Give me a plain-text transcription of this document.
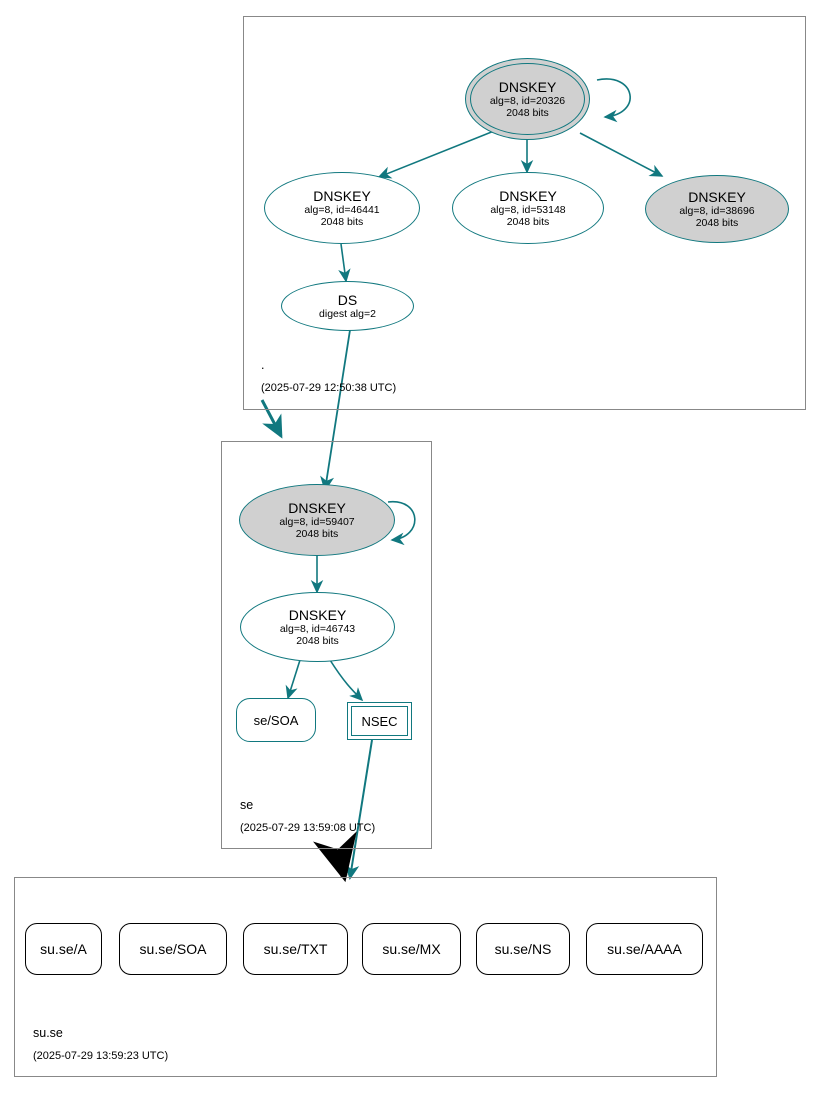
.
(2025-07-29 12:50:38 UTC)
DNSKEY
alg=8, id=20326
2048 bits
DNSKEY
alg=8, id=46441
2048 bits
DNSKEY
alg=8, id=53148
2048 bits
DNSKEY
alg=8, id=38696
2048 bits
DS
digest alg=2
se
(2025-07-29 13:59:08 UTC)
DNSKEY
alg=8, id=59407
2048 bits
DNSKEY
alg=8, id=46743
2048 bits
se/SOA	NSEC
su.se
(2025-07-29 13:59:23 UTC)
su.se/A	su.se/SOA	su.se/TXT	su.se/MX	su.se/NS	su.se/AAAA
